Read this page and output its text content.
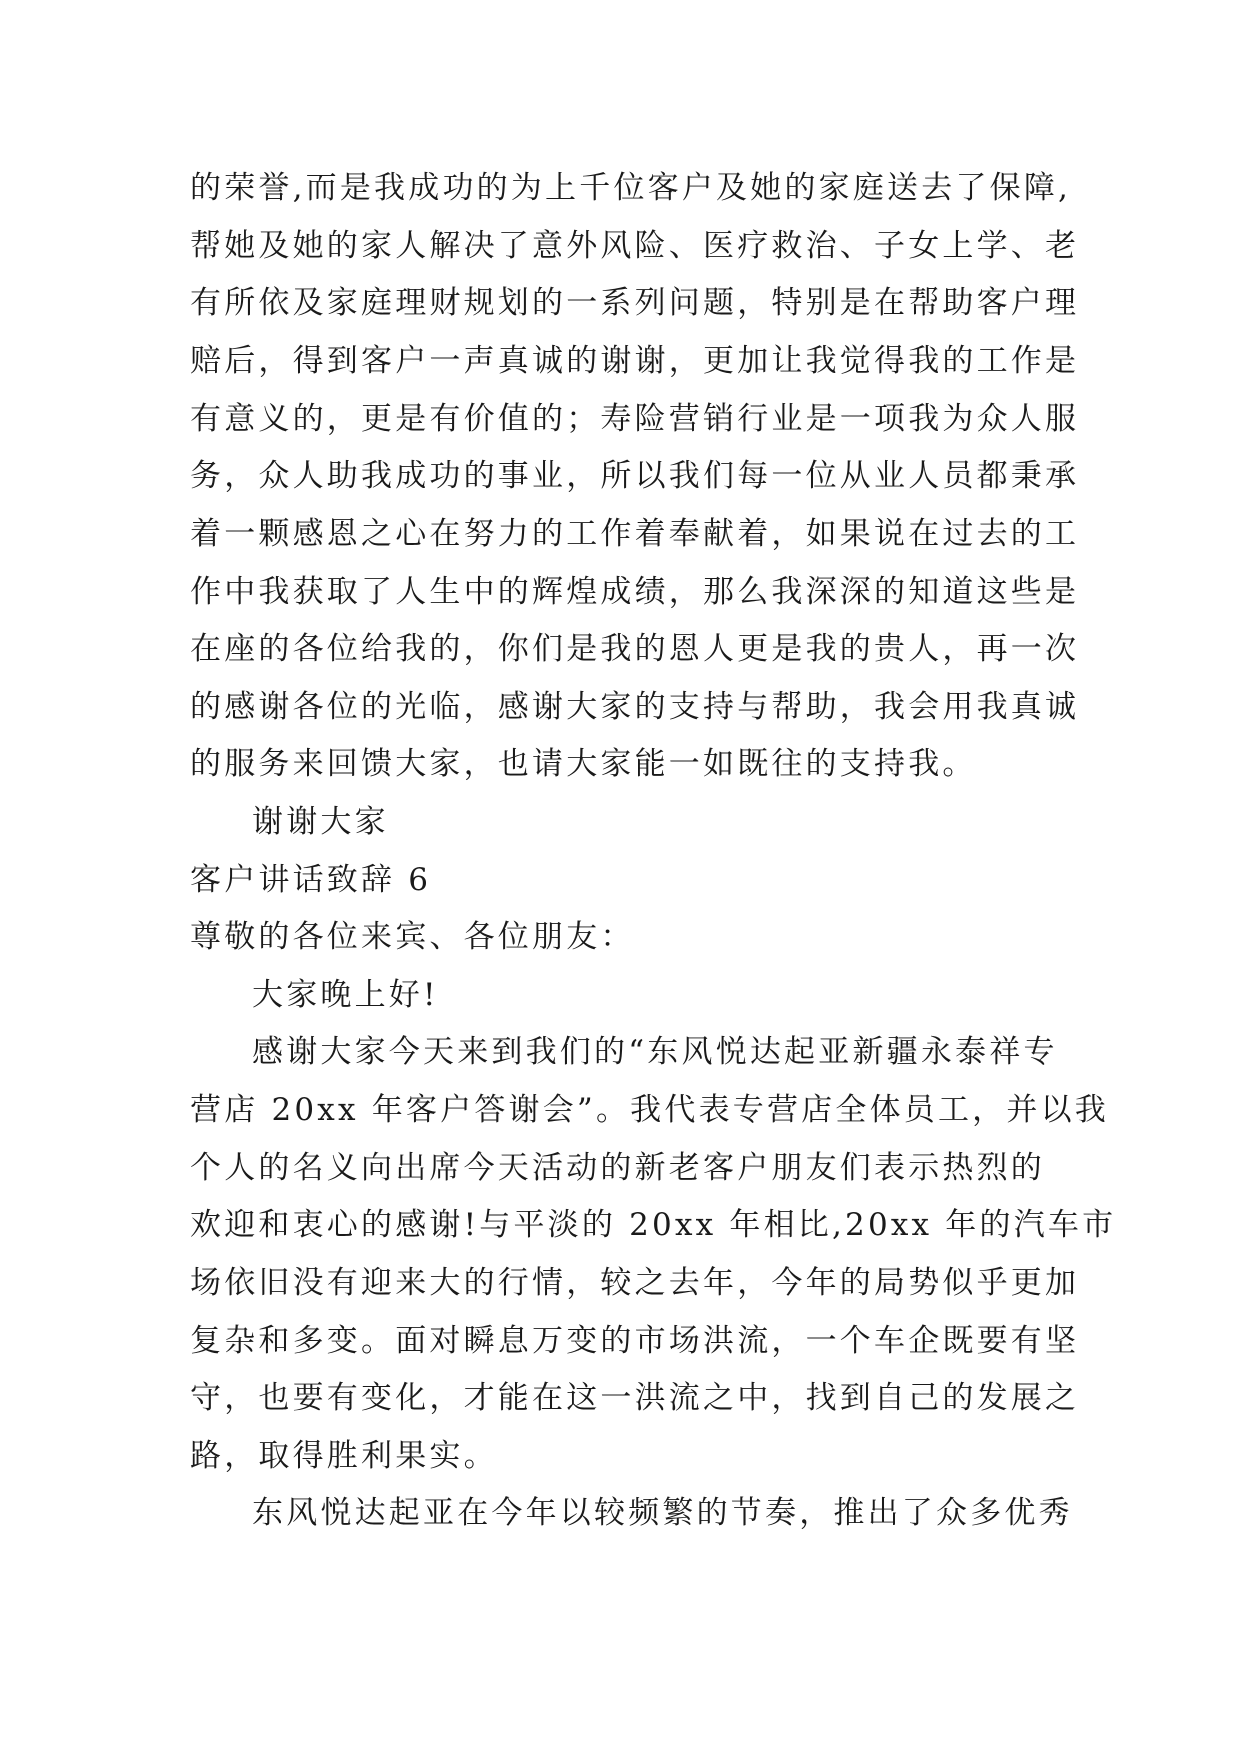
的荣誉,而是我成功的为上千位客户及她的家庭送去了保障,
帮她及她的家人解决了意外风险、医疗救治、子女上学、老
有所依及家庭理财规划的一系列问题，特别是在帮助客户理
赔后，得到客户一声真诚的谢谢，更加让我觉得我的工作是
有意义的，更是有价值的；寿险营销行业是一项我为众人服
务，众人助我成功的事业，所以我们每一位从业人员都秉承
着一颗感恩之心在努力的工作着奉献着，如果说在过去的工
作中我获取了人生中的辉煌成绩，那么我深深的知道这些是
在座的各位给我的，你们是我的恩人更是我的贵人，再一次
的感谢各位的光临，感谢大家的支持与帮助，我会用我真诚
的服务来回馈大家，也请大家能一如既往的支持我。
谢谢大家
客户讲话致辞 6
尊敬的各位来宾、各位朋友：
大家晚上好!
感谢大家今天来到我们的“东风悦达起亚新疆永泰祥专
营店 20xx 年客户答谢会”。我代表专营店全体员工，并以我
个人的名义向出席今天活动的新老客户朋友们表示热烈的
欢迎和衷心的感谢!与平淡的 20xx 年相比,20xx 年的汽车市
场依旧没有迎来大的行情，较之去年，今年的局势似乎更加
复杂和多变。面对瞬息万变的市场洪流，一个车企既要有坚
守，也要有变化，才能在这一洪流之中，找到自己的发展之
路，取得胜利果实。
东风悦达起亚在今年以较频繁的节奏，推出了众多优秀
